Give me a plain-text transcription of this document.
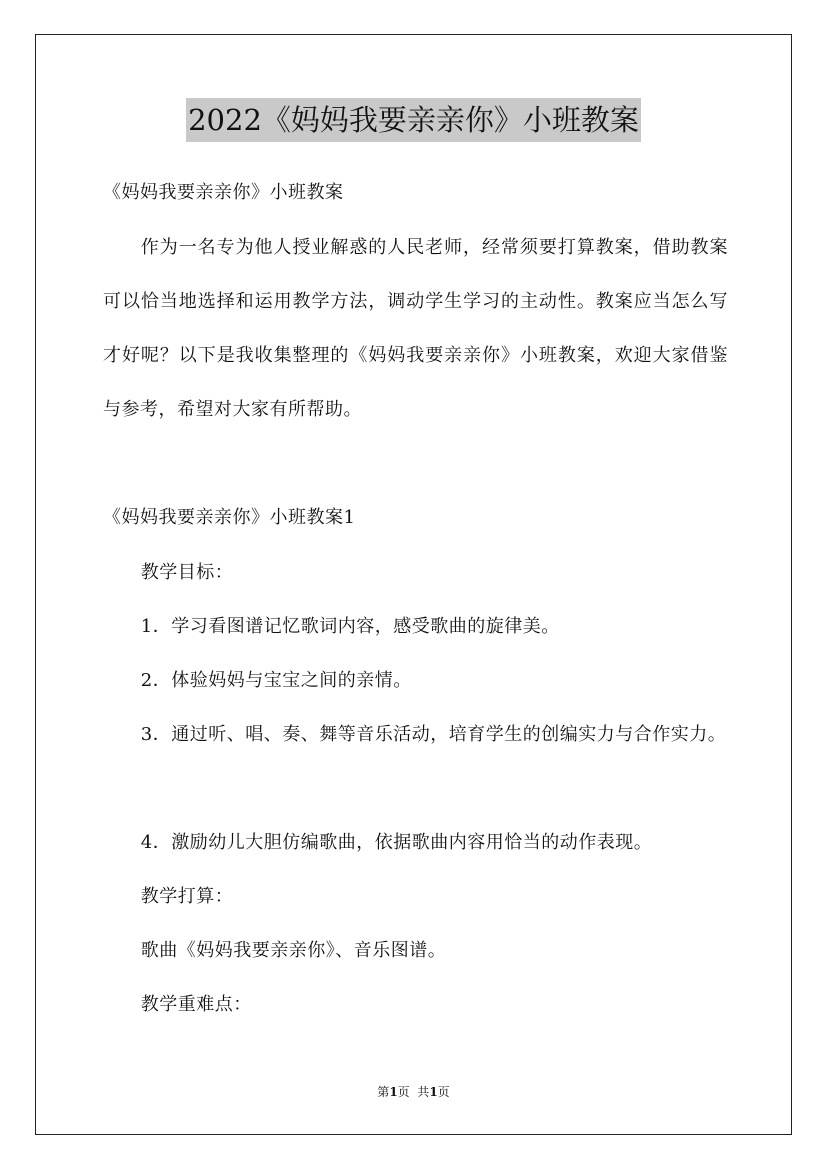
2022《妈妈我要亲亲你》小班教案

《妈妈我要亲亲你》小班教案

作为一名专为他人授业解惑的人民老师，经常须要打算教案，借助教案可以恰当地选择和运用教学方法，调动学生学习的主动性。教案应当怎么写才好呢？以下是我收集整理的《妈妈我要亲亲你》小班教案，欢迎大家借鉴与参考，希望对大家有所帮助。

《妈妈我要亲亲你》小班教案1

教学目标：

1．学习看图谱记忆歌词内容，感受歌曲的旋律美。

2．体验妈妈与宝宝之间的亲情。

3．通过听、唱、奏、舞等音乐活动，培育学生的创编实力与合作实力。

4．激励幼儿大胆仿编歌曲，依据歌曲内容用恰当的动作表现。

教学打算：

歌曲《妈妈我要亲亲你》、音乐图谱。

教学重难点：

第1页  共1页
